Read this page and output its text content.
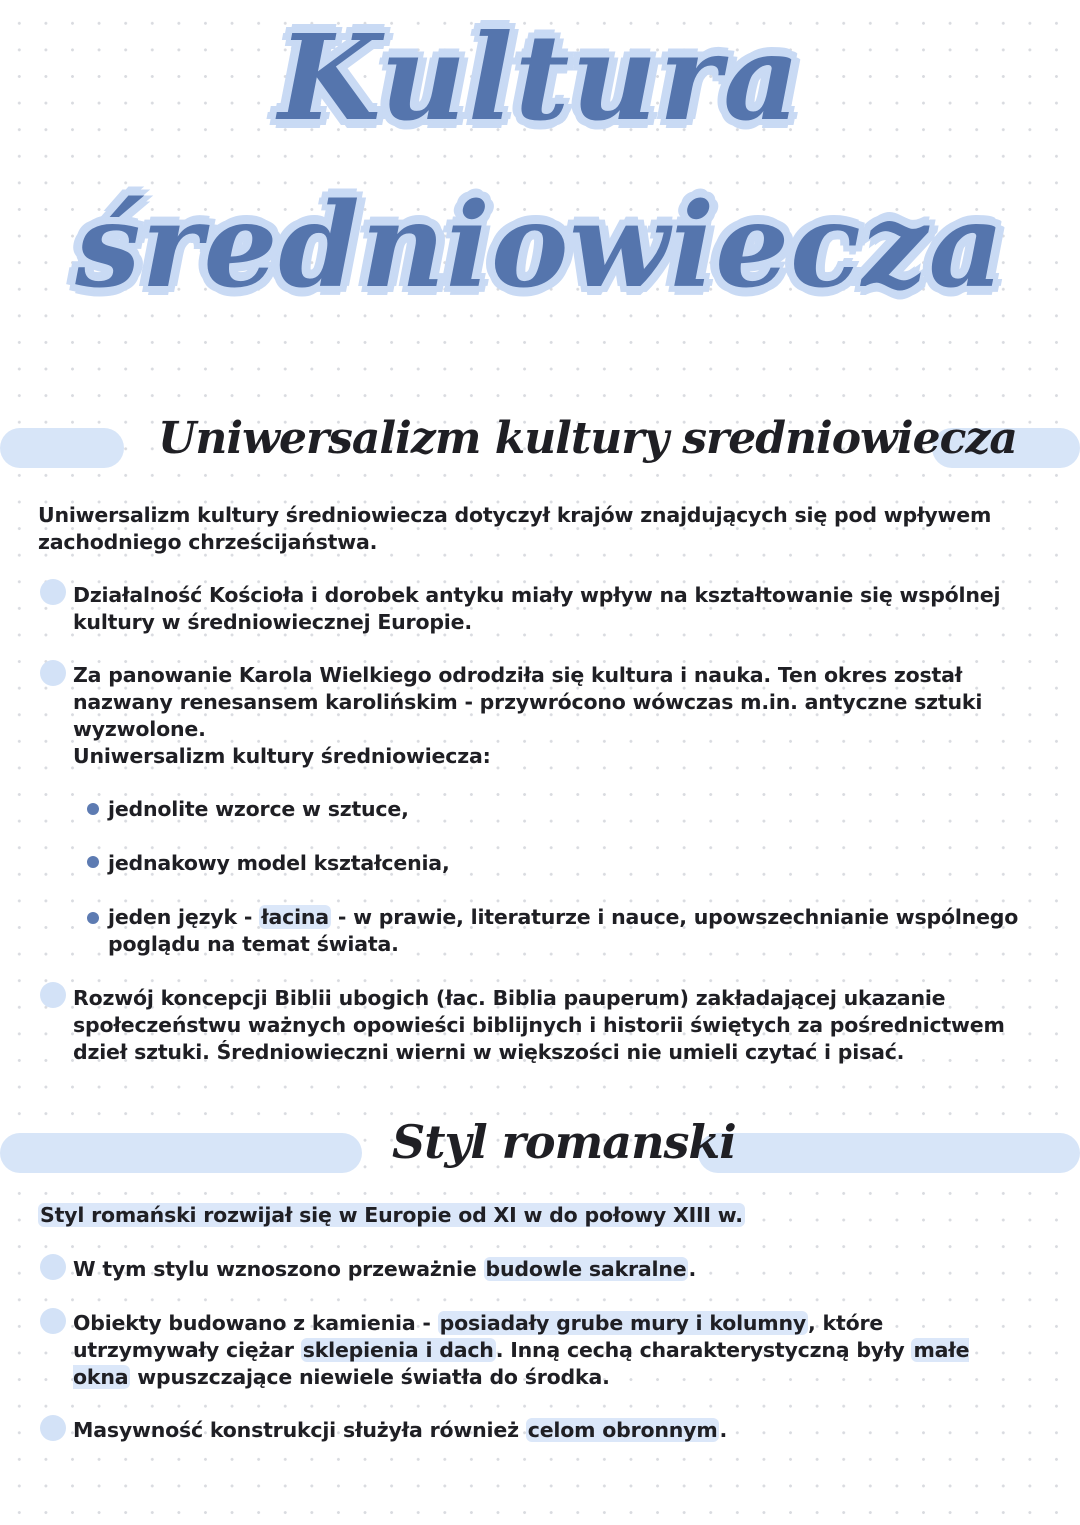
Kultura
średniowiecza
Uniwersalizm kultury sredniowiecza

Uniwersalizm kultury średniowiecza dotyczył krajów znajdujących się pod wpływem zachodniego chrześcijaństwa.

Działalność Kościoła i dorobek antyku miały wpływ na kształtowanie się wspólnej kultury w średniowiecznej Europie.

Za panowanie Karola Wielkiego odrodziła się kultura i nauka. Ten okres został nazwany renesansem karolińskim - przywrócono wówczas m.in. antyczne sztuki wyzwolone.

Uniwersalizm kultury średniowiecza:

jednolite wzorce w sztuce,

jednakowy model kształcenia,

jeden język - łacina - w prawie, literaturze i nauce, upowszechnianie wspólnego poglądu na temat świata.

Rozwój koncepcji Biblii ubogich (łac. Biblia pauperum) zakładającej ukazanie społeczeństwu ważnych opowieści biblijnych i historii świętych za pośrednictwem dzieł sztuki. Średniowieczni wierni w większości nie umieli czytać i pisać.

Styl romanski

Styl romański rozwijał się w Europie od XI w do połowy XIII w.

W tym stylu wznoszono przeważnie budowle sakralne.

Obiekty budowano z kamienia - posiadały grube mury i kolumny, które utrzymywały ciężar sklepienia i dach. Inną cechą charakterystyczną były małe okna wpuszczające niewiele światła do środka.

Masywność konstrukcji służyła również celom obronnym.
